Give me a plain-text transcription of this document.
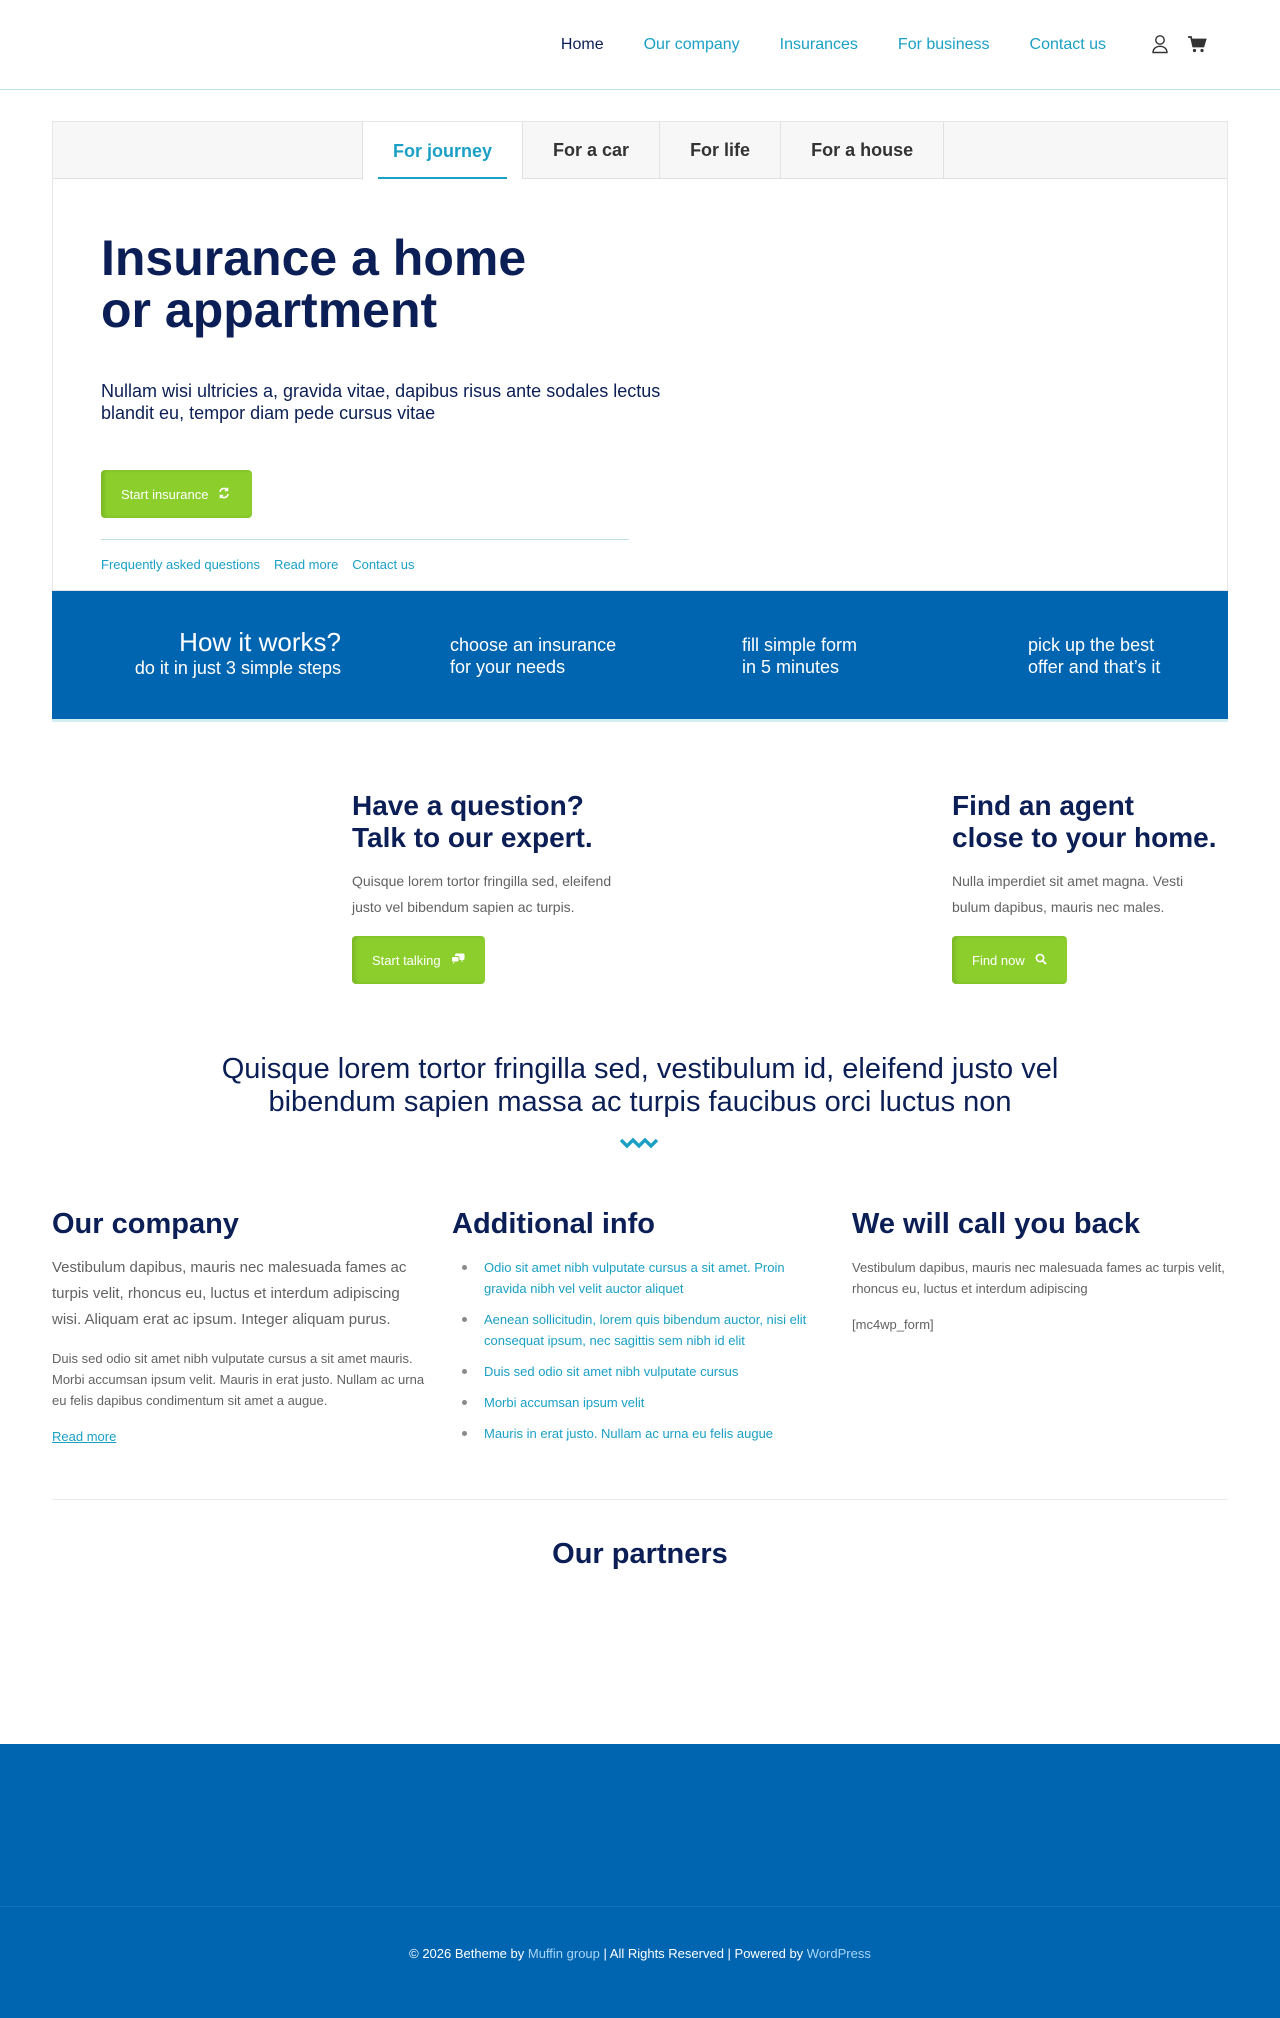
Home	Our company	Insurances	For business	Contact us
For journey	For a car	For life	For a house
Insurance a home
or appartment

Nullam wisi ultricies a, gravida vitae, dapibus risus ante sodales lectus blandit eu, tempor diam pede cursus vitae

Start insurance
Frequently asked questions Read more Contact us
How it works?
do it in just 3 simple steps
choose an insurance
for your needs
fill simple form
in 5 minutes
pick up the best
offer and that’s it
Have a question?
Talk to our expert.

Quisque lorem tortor fringilla sed, eleifend
justo vel bibendum sapien ac turpis.

Start talking
Find an agent
close to your home.

Nulla imperdiet sit amet magna. Vesti
bulum dapibus, mauris nec males.

Find now
Quisque lorem tortor fringilla sed, vestibulum id, eleifend justo vel
bibendum sapien massa ac turpis faucibus orci luctus non
Our company

Vestibulum dapibus, mauris nec malesuada fames ac turpis velit, rhoncus eu, luctus et interdum adipiscing wisi. Aliquam erat ac ipsum. Integer aliquam purus.

Duis sed odio sit amet nibh vulputate cursus a sit amet mauris. Morbi accumsan ipsum velit. Mauris in erat justo. Nullam ac urna eu felis dapibus condimentum sit amet a augue.

Read more
Additional info
Odio sit amet nibh vulputate cursus a sit amet. Proin gravida nibh vel velit auctor aliquet
Aenean sollicitudin, lorem quis bibendum auctor, nisi elit consequat ipsum, nec sagittis sem nibh id elit
Duis sed odio sit amet nibh vulputate cursus
Morbi accumsan ipsum velit
Mauris in erat justo. Nullam ac urna eu felis augue
We will call you back

Vestibulum dapibus, mauris nec malesuada fames ac turpis velit, rhoncus eu, luctus et interdum adipiscing

[mc4wp_form]

Our partners
© 2026 Betheme by Muffin group | All Rights Reserved | Powered by WordPress
